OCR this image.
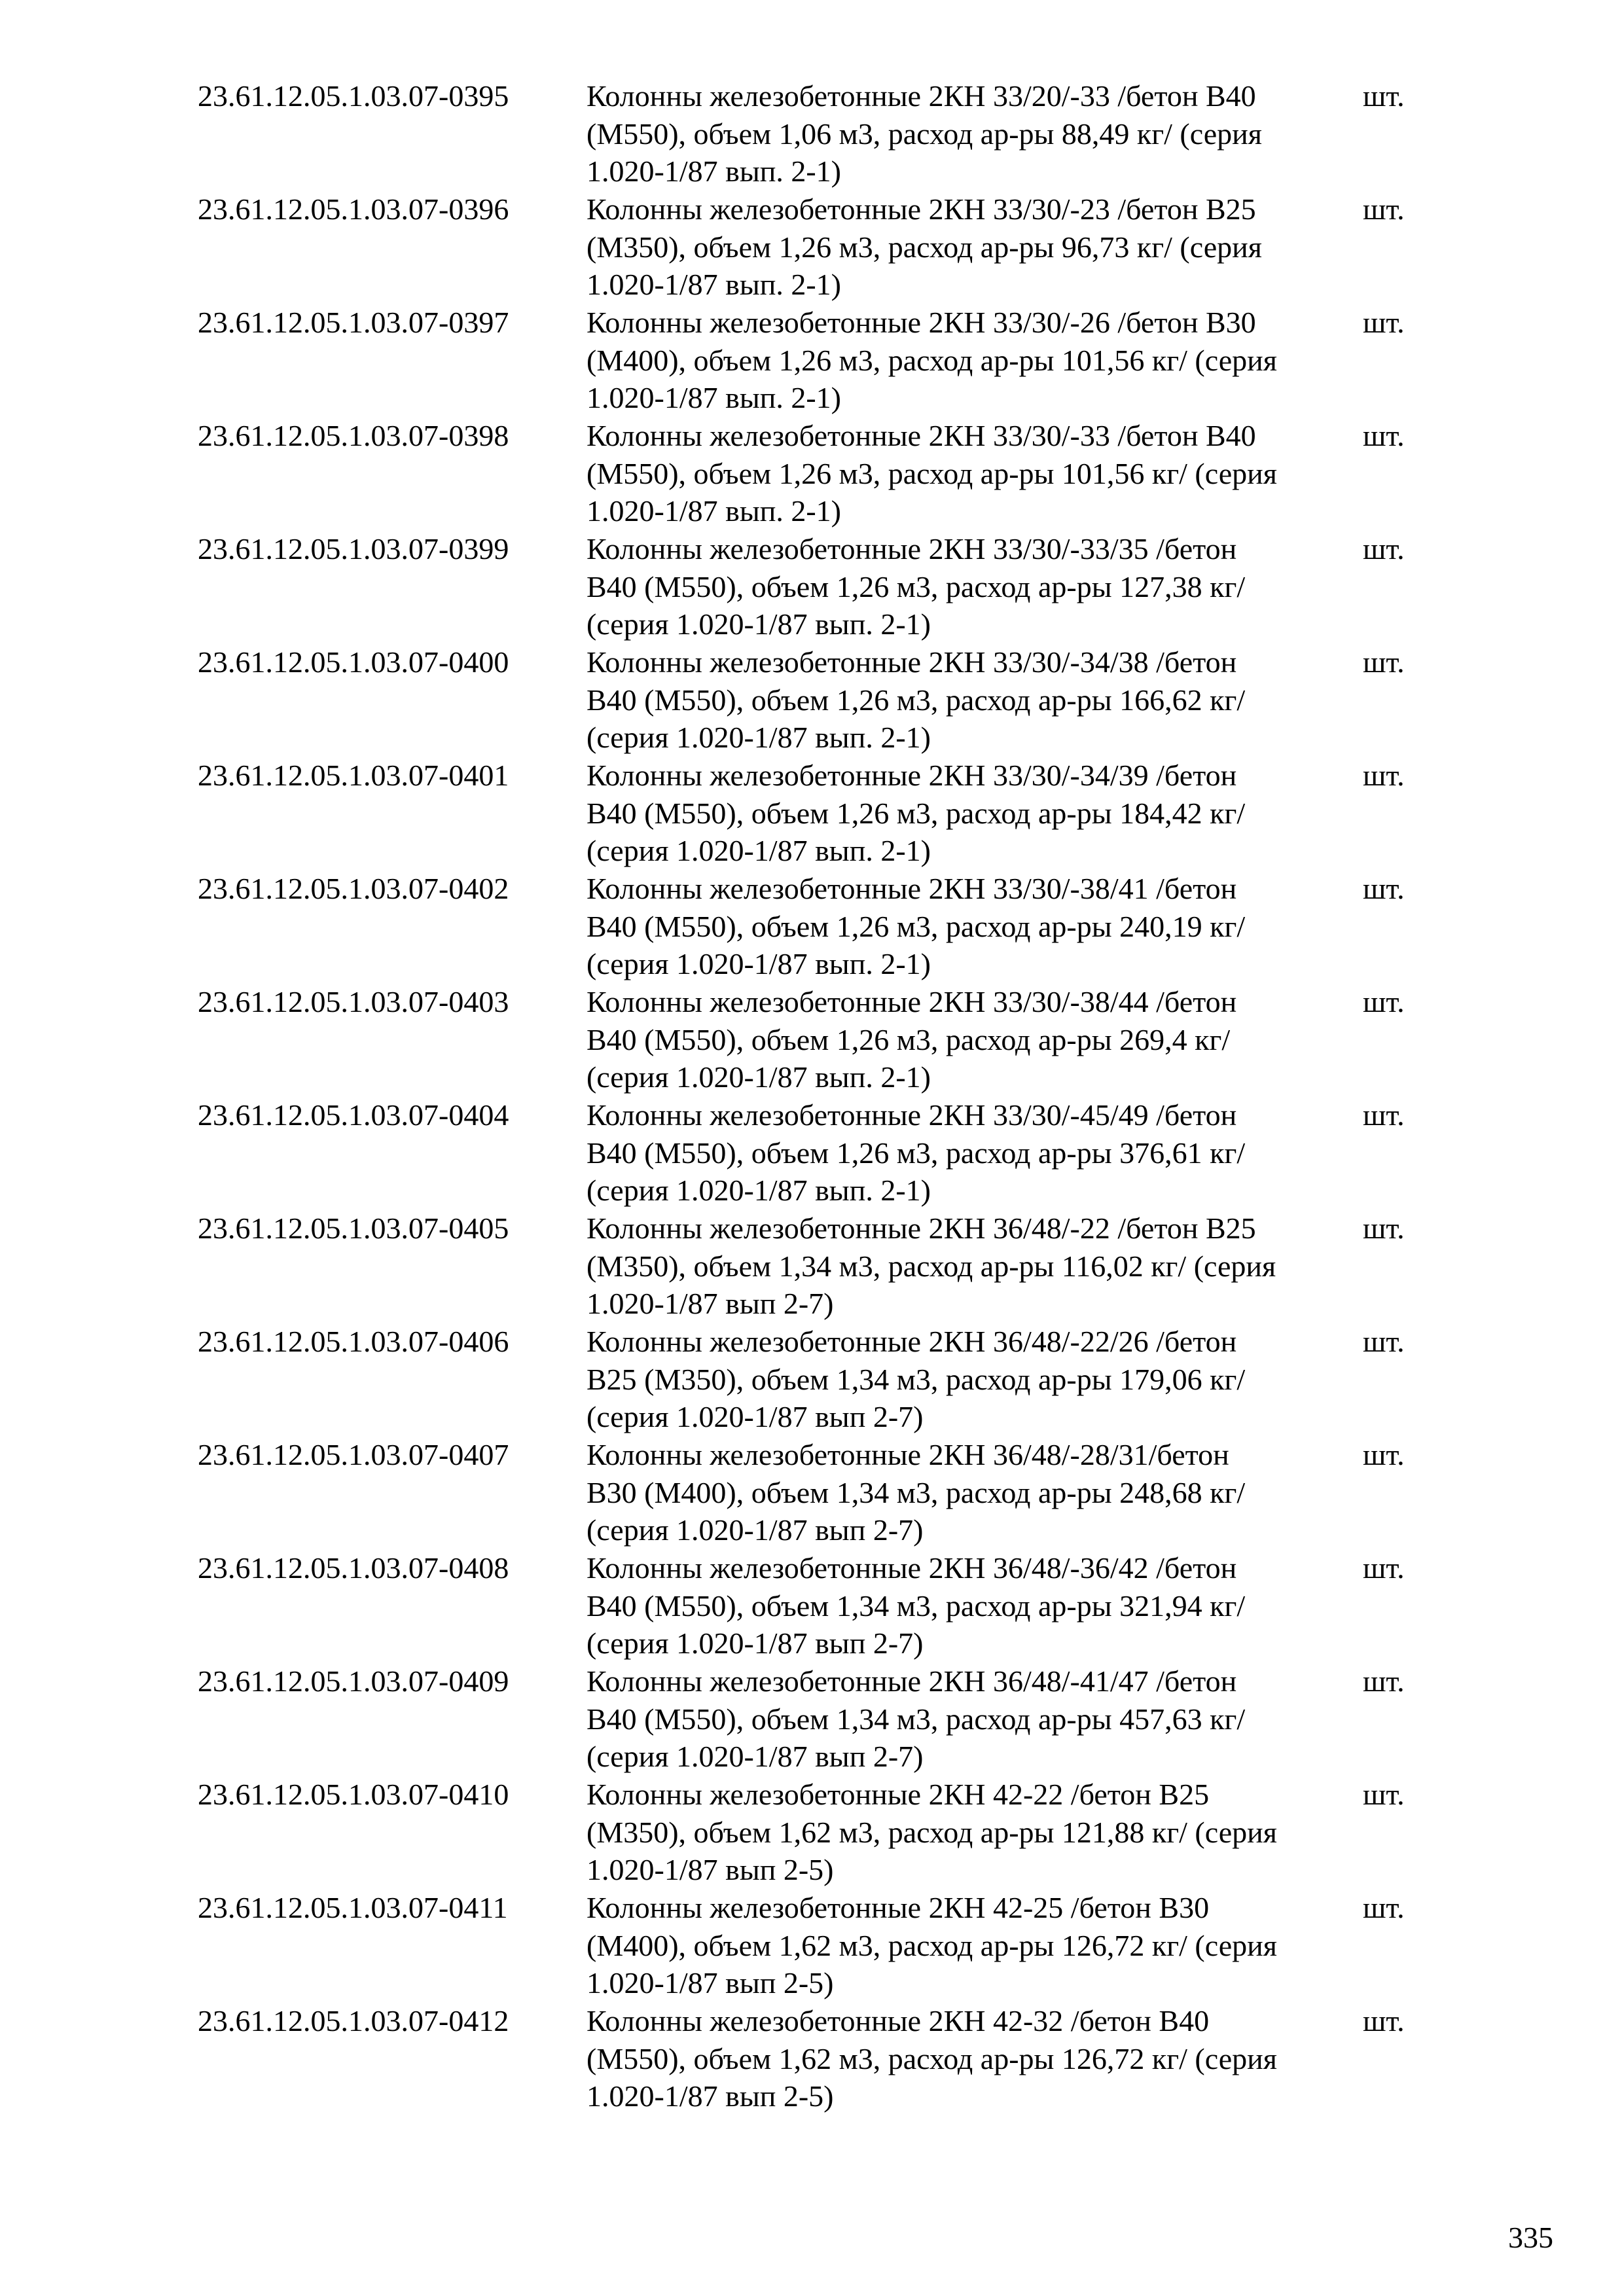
23.61.12.05.1.03.07-0395	Колонны железобетонные 2КН 33/20/-33 /бетон В40
(М550), объем 1,06 м3, расход ар-ры 88,49 кг/ (серия
1.020-1/87 вып. 2-1)
шт.
23.61.12.05.1.03.07-0396	Колонны железобетонные 2КН 33/30/-23 /бетон В25
(М350), объем 1,26 м3, расход ар-ры 96,73 кг/ (серия
1.020-1/87 вып. 2-1)
шт.
23.61.12.05.1.03.07-0397	Колонны железобетонные 2КН 33/30/-26 /бетон В30
(М400), объем 1,26 м3, расход ар-ры 101,56 кг/ (серия
1.020-1/87 вып. 2-1)
шт.
23.61.12.05.1.03.07-0398	Колонны железобетонные 2КН 33/30/-33 /бетон В40
(М550), объем 1,26 м3, расход ар-ры 101,56 кг/ (серия
1.020-1/87 вып. 2-1)
шт.
23.61.12.05.1.03.07-0399	Колонны железобетонные 2КН 33/30/-33/35 /бетон
В40 (М550), объем 1,26 м3, расход ар-ры 127,38 кг/
(серия 1.020-1/87 вып. 2-1)
шт.
23.61.12.05.1.03.07-0400	Колонны железобетонные 2КН 33/30/-34/38 /бетон
В40 (М550), объем 1,26 м3, расход ар-ры 166,62 кг/
(серия 1.020-1/87 вып. 2-1)
шт.
23.61.12.05.1.03.07-0401	Колонны железобетонные 2КН 33/30/-34/39 /бетон
В40 (М550), объем 1,26 м3, расход ар-ры 184,42 кг/
(серия 1.020-1/87 вып. 2-1)
шт.
23.61.12.05.1.03.07-0402	Колонны железобетонные 2КН 33/30/-38/41 /бетон
В40 (М550), объем 1,26 м3, расход ар-ры 240,19 кг/
(серия 1.020-1/87 вып. 2-1)
шт.
23.61.12.05.1.03.07-0403	Колонны железобетонные 2КН 33/30/-38/44 /бетон
В40 (М550), объем 1,26 м3, расход ар-ры 269,4 кг/
(серия 1.020-1/87 вып. 2-1)
шт.
23.61.12.05.1.03.07-0404	Колонны железобетонные 2КН 33/30/-45/49 /бетон
В40 (М550), объем 1,26 м3, расход ар-ры 376,61 кг/
(серия 1.020-1/87 вып. 2-1)
шт.
23.61.12.05.1.03.07-0405	Колонны железобетонные 2КН 36/48/-22 /бетон В25
(М350), объем 1,34 м3, расход ар-ры 116,02 кг/ (серия
1.020-1/87 вып 2-7)
шт.
23.61.12.05.1.03.07-0406	Колонны железобетонные 2КН 36/48/-22/26 /бетон
В25 (М350), объем 1,34 м3, расход ар-ры 179,06 кг/
(серия 1.020-1/87 вып 2-7)
шт.
23.61.12.05.1.03.07-0407	Колонны железобетонные 2КН 36/48/-28/31/бетон
В30 (М400), объем 1,34 м3, расход ар-ры 248,68 кг/
(серия 1.020-1/87 вып 2-7)
шт.
23.61.12.05.1.03.07-0408	Колонны железобетонные 2КН 36/48/-36/42 /бетон
В40 (М550), объем 1,34 м3, расход ар-ры 321,94 кг/
(серия 1.020-1/87 вып 2-7)
шт.
23.61.12.05.1.03.07-0409	Колонны железобетонные 2КН 36/48/-41/47 /бетон
В40 (М550), объем 1,34 м3, расход ар-ры 457,63 кг/
(серия 1.020-1/87 вып 2-7)
шт.
23.61.12.05.1.03.07-0410	Колонны железобетонные 2КН 42-22 /бетон В25
(М350), объем 1,62 м3, расход ар-ры 121,88 кг/ (серия
1.020-1/87 вып 2-5)
шт.
23.61.12.05.1.03.07-0411	Колонны железобетонные 2КН 42-25 /бетон В30
(М400), объем 1,62 м3, расход ар-ры 126,72 кг/ (серия
1.020-1/87 вып 2-5)
шт.
23.61.12.05.1.03.07-0412	Колонны железобетонные 2КН 42-32 /бетон В40
(М550), объем 1,62 м3, расход ар-ры 126,72 кг/ (серия
1.020-1/87 вып 2-5)
шт.
335
